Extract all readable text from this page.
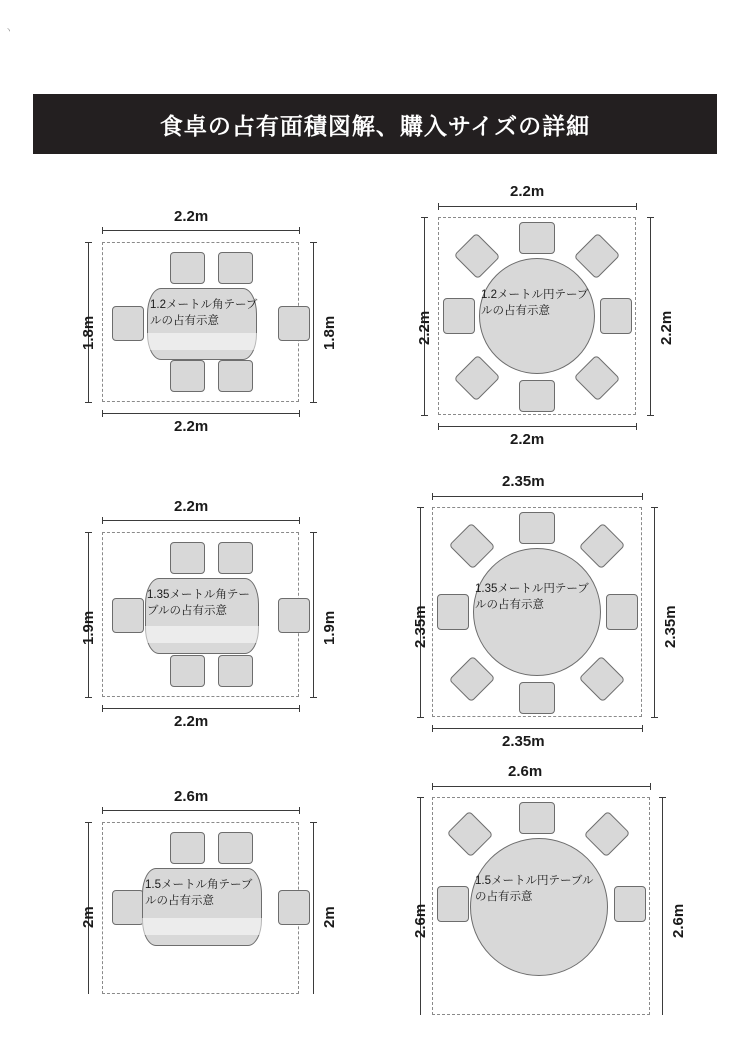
ヽ
食卓の占有面積図解、購入サイズの詳細
1.2メートル角テーブルの占有示意
2.2m
2.2m
1.8m	1.8m
1.2メートル円テーブルの占有示意
2.2m
2.2m
2.2m	2.2m
1.35メートル角テーブルの占有示意
2.2m
2.2m
1.9m	1.9m
1.35メートル円テーブルの占有示意
2.35m
2.35m
2.35m	2.35m
1.5メートル角テーブルの占有示意
2.6m
2m	2m
1.5メートル円テーブルの占有示意
2.6m
2.6m	2.6m
